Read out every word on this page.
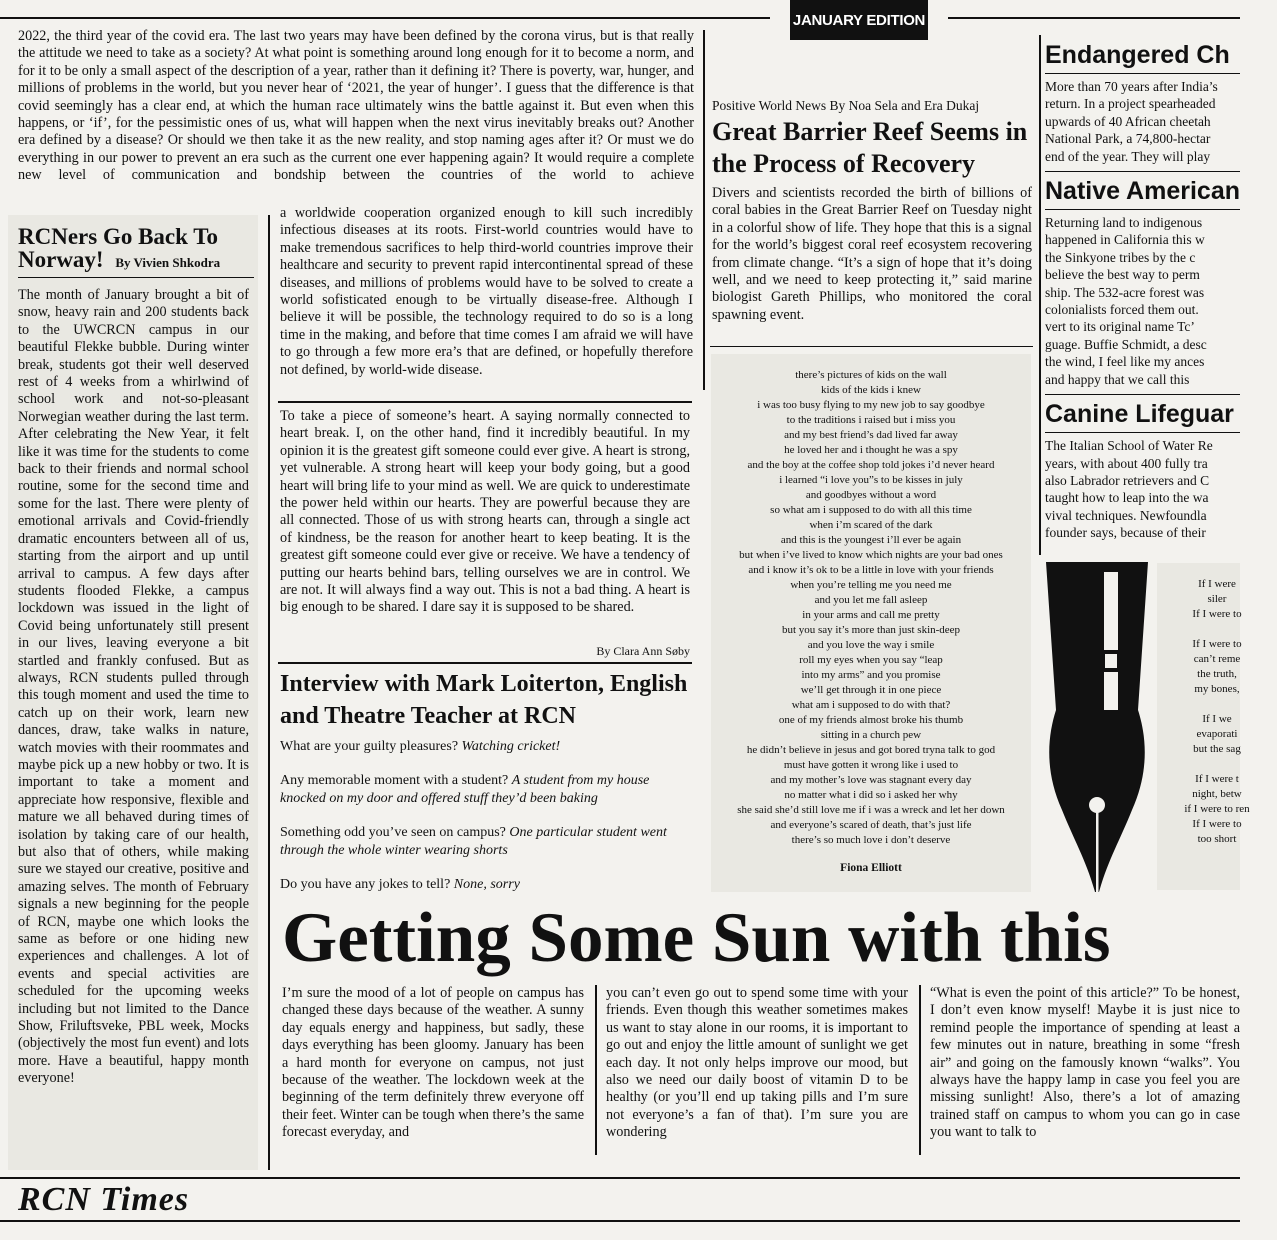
JANUARY EDITION

2022, the third year of the covid era. The last two years may have been defined by the corona virus, but is that really the attitude we need to take as a society? At what point is something around long enough for it to become a norm, and for it to be only a small aspect of the description of a year, rather than it defining it? There is poverty, war, hunger, and millions of problems in the world, but you never hear of ‘2021, the year of hunger’. I guess that the difference is that covid seemingly has a clear end, at which the human race ultimately wins the battle against it. But even when this happens, or ‘if’, for the pessimistic ones of us, what will happen when the next virus inevitably breaks out? Another era defined by a disease? Or should we then take it as the new reality, and stop naming ages after it? Or must we do everything in our power to prevent an era such as the current one ever happening again? It would require a complete new level of communication and bondship between the countries of the world to achieve

RCNers Go Back To Norway! By Vivien Shkodra

The month of January brought a bit of snow, heavy rain and 200 students back to the UWCRCN campus in our beautiful Flekke bubble. During winter break, students got their well deserved rest of 4 weeks from a whirlwind of school work and not-so-pleasant Norwegian weather during the last term. After celebrating the New Year, it felt like it was time for the students to come back to their friends and normal school routine, some for the second time and some for the last. There were plenty of emotional arrivals and Covid-friendly dramatic encounters between all of us, starting from the airport and up until arrival to campus. A few days after students flooded Flekke, a campus lockdown was issued in the light of Covid being unfortunately still present in our lives, leaving everyone a bit startled and frankly confused. But as always, RCN students pulled through this tough moment and used the time to catch up on their work, learn new dances, draw, take walks in nature, watch movies with their roommates and maybe pick up a new hobby or two. It is important to take a moment and appreciate how responsive, flexible and mature we all behaved during times of isolation by taking care of our health, but also that of others, while making sure we stayed our creative, positive and amazing selves. The month of February signals a new beginning for the people of RCN, maybe one which looks the same as before or one hiding new experiences and challenges. A lot of events and special activities are scheduled for the upcoming weeks including but not limited to the Dance Show, Friluftsveke, PBL week, Mocks (objectively the most fun event) and lots more. Have a beautiful, happy month everyone!

a worldwide cooperation organized enough to kill such incredibly infectious diseases at its roots. First-world countries would have to make tremendous sacrifices to help third-world countries improve their healthcare and security to prevent rapid intercontinental spread of these diseases, and millions of problems would have to be solved to create a world sofisticated enough to be virtually disease-free. Although I believe it will be possible, the technology required to do so is a long time in the making, and before that time comes I am afraid we will have to go through a few more era’s that are defined, or hopefully therefore not defined, by world-wide disease.

To take a piece of someone’s heart. A saying normally connected to heart break. I, on the other hand, find it incredibly beautiful. In my opinion it is the greatest gift someone could ever give. A heart is strong, yet vulnerable. A strong heart will keep your body going, but a good heart will bring life to your mind as well. We are quick to underestimate the power held within our hearts. They are powerful because they are all connected. Those of us with strong hearts can, through a single act of kindness, be the reason for another heart to keep beating. It is the greatest gift someone could ever give or receive. We have a tendency of putting our hearts behind bars, telling ourselves we are in control. We are not. It will always find a way out. This is not a bad thing. A heart is big enough to be shared. I dare say it is supposed to be shared.

By Clara Ann Søby
Interview with Mark Loiterton, English and Theatre Teacher at RCN
What are your guilty pleasures? Watching cricket!
Any memorable moment with a student? A student from my house knocked on my door and offered stuff they’d been baking
Something odd you’ve seen on campus? One particular student went through the whole winter wearing shorts
Do you have any jokes to tell? None, sorry
Positive World News By Noa Sela and Era Dukaj
Great Barrier Reef Seems in the Process of Recovery

Divers and scientists recorded the birth of billions of coral babies in the Great Barrier Reef on Tuesday night in a colorful show of life. They hope that this is a signal for the world’s biggest coral reef ecosystem recovering from climate change. “It’s a sign of hope that it’s doing well, and we need to keep protecting it,” said marine biologist Gareth Phillips, who monitored the coral spawning event.

there’s pictures of kids on the wall
kids of the kids i knew
i was too busy flying to my new job to say goodbye
to the traditions i raised but i miss you
and my best friend’s dad lived far away
he loved her and i thought he was a spy
and the boy at the coffee shop told jokes i’d never heard
i learned “i love you”s to be kisses in july
and goodbyes without a word
so what am i supposed to do with all this time
when i’m scared of the dark
and this is the youngest i’ll ever be again
but when i’ve lived to know which nights are your bad ones
and i know it’s ok to be a little in love with your friends
when you’re telling me you need me
and you let me fall asleep
in your arms and call me pretty
but you say it’s more than just skin-deep
and you love the way i smile
roll my eyes when you say “leap
into my arms” and you promise
we’ll get through it in one piece
what am i supposed to do with that?
one of my friends almost broke his thumb
sitting in a church pew
he didn’t believe in jesus and got bored tryna talk to god
must have gotten it wrong like i used to
and my mother’s love was stagnant every day
no matter what i did so i asked her why
she said she’d still love me if i was a wreck and let her down
and everyone’s scared of death, that’s just life
there’s so much love i don’t deserve
Fiona Elliott
Endangered Ch
More than 70 years after India’s
return. In a project spearheaded
upwards of 40 African cheetah
National Park, a 74,800-hectar
end of the year. They will play
Native American
Returning land to indigenous
happened in California this w
the Sinkyone tribes by the c
believe the best way to perm
ship. The 532-acre forest was
colonialists forced them out.
vert to its original name Tc’
guage. Buffie Schmidt, a desc
the wind, I feel like my ances
and happy that we call this
Canine Lifeguar
The Italian School of Water Re
years, with about 400 fully tra
also Labrador retrievers and C
taught how to leap into the wa
vival techniques. Newfoundla
founder says, because of their
If I were
siler
If I were to

If I were to
can’t reme
the truth,
my bones,

If I we
evaporati
but the sag

If I were t
night, betw
if I were to ren
If I were to
too short
Getting Some Sun with this

I’m sure the mood of a lot of people on campus has changed these days because of the weather. A sunny day equals energy and happiness, but sadly, these days everything has been gloomy. January has been a hard month for everyone on campus, not just because of the weather. The lockdown week at the beginning of the term definitely threw everyone off their feet. Winter can be tough when there’s the same forecast everyday, and

you can’t even go out to spend some time with your friends. Even though this weather sometimes makes us want to stay alone in our rooms, it is important to go out and enjoy the little amount of sunlight we get each day. It not only helps improve our mood, but also we need our daily boost of vitamin D to be healthy (or you’ll end up taking pills and I’m sure not everyone’s a fan of that). I’m sure you are wondering

“What is even the point of this article?” To be honest, I don’t even know myself! Maybe it is just nice to remind people the importance of spending at least a few minutes out in nature, breathing in some “fresh air” and going on the famously known “walks”. You always have the happy lamp in case you feel you are missing sunlight! Also, there’s a lot of amazing trained staff on campus to whom you can go in case you want to talk to

RCN Times
